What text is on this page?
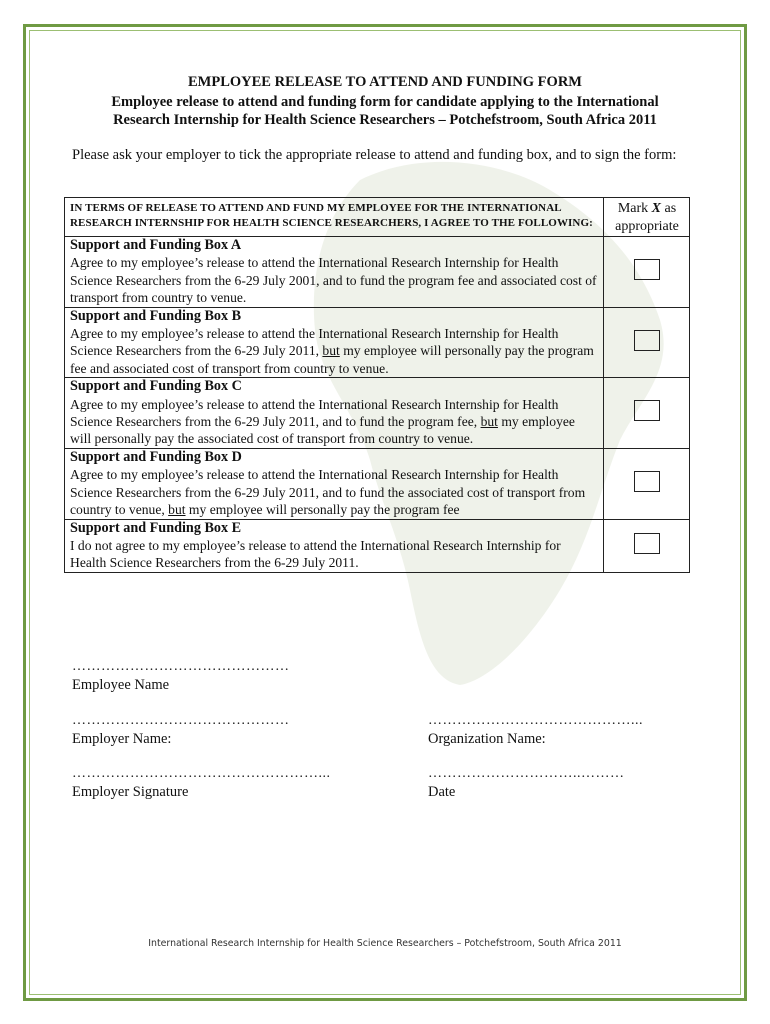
EMPLOYEE RELEASE TO ATTEND AND FUNDING FORM
Employee release to attend and funding form for candidate applying to the International
Research Internship for Health Science Researchers – Potchefstroom, South Africa 2011
Please ask your employer to tick the appropriate release to attend and funding box, and to sign the form:
IN TERMS OF RELEASE TO ATTEND AND FUND MY EMPLOYEE FOR THE INTERNATIONAL RESEARCH INTERNSHIP FOR HEALTH SCIENCE RESEARCHERS, I AGREE TO THE FOLLOWING:	Mark X as appropriate

Support and Funding Box A
Agree to my employee’s release to attend the International Research Internship for Health Science Researchers from the 6-29 July 2001, and to fund the program fee and associated cost of transport from country to venue.	

Support and Funding Box B
Agree to my employee’s release to attend the International Research Internship for Health Science Researchers from the 6-29 July 2011, but my employee will personally pay the program fee and associated cost of transport from country to venue.	

Support and Funding Box C
Agree to my employee’s release to attend the International Research Internship for Health Science Researchers from the 6-29 July 2011, and to fund the program fee, but my employee will personally pay the associated cost of transport from country to venue.	

Support and Funding Box D
Agree to my employee’s release to attend the International Research Internship for Health Science Researchers from the 6-29 July 2011, and to fund the associated cost of transport from country to venue, but my employee will personally pay the program fee	

Support and Funding Box E
I do not agree to my employee’s release to attend the International Research Internship for Health Science Researchers from the 6-29 July 2011.	

………………………………………
Employee Name
………………………………………
Employer Name:
……………………………………...
Organization Name:
……………………………………………...
Employer Signature
…………………………..………
Date
International Research Internship for Health Science Researchers – Potchefstroom, South Africa 2011
